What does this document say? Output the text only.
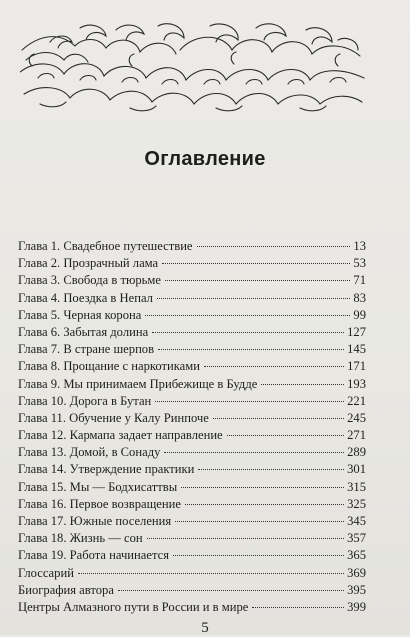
Оглавление
Глава 1. Свадебное путешествие	13
Глава 2. Прозрачный лама	53
Глава 3. Свобода в тюрьме	71
Глава 4. Поездка в Непал	83
Глава 5. Черная корона	99
Глава 6. Забытая долина	127
Глава 7. В стране шерпов	145
Глава 8. Прощание с наркотиками	171
Глава 9. Мы принимаем Прибежище в Будде	193
Глава 10. Дорога в Бутан	221
Глава 11. Обучение у Калу Ринпоче	245
Глава 12. Кармапа задает направление	271
Глава 13. Домой, в Сонаду	289
Глава 14. Утверждение практики	301
Глава 15. Мы — Бодхисаттвы	315
Глава 16. Первое возвращение	325
Глава 17. Южные поселения	345
Глава 18. Жизнь — сон	357
Глава 19. Работа начинается	365
Глоссарий	369
Биография автора	395
Центры Алмазного пути в России и в мире	399
5
